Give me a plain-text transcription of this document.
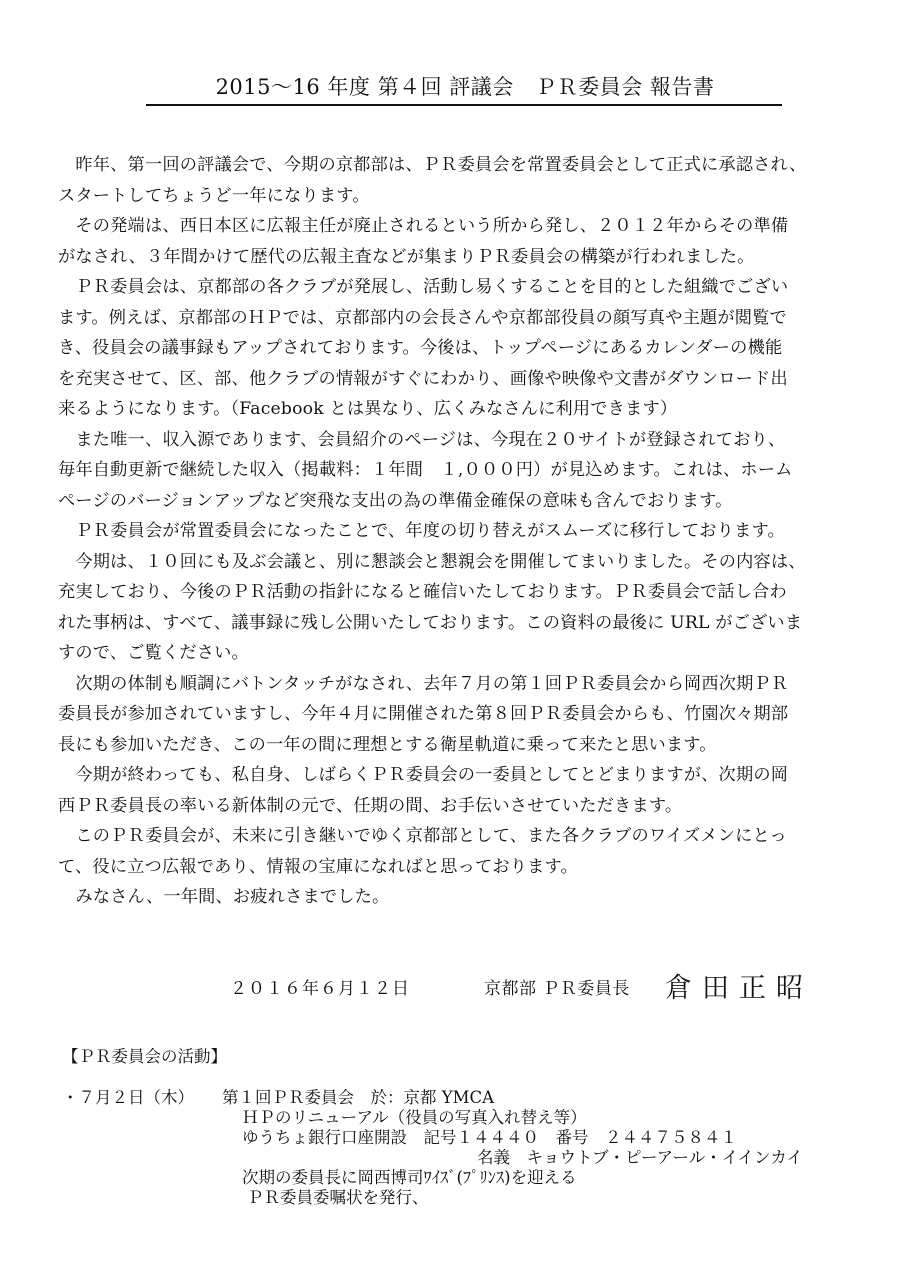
2015～16 年度 第４回 評議会　ＰＲ委員会 報告書
　昨年、第一回の評議会で、今期の京都部は、ＰＲ委員会を常置委員会として正式に承認され、
スタートしてちょうど一年になります。
　その発端は、西日本区に広報主任が廃止されるという所から発し、２０１２年からその準備
がなされ、３年間かけて歴代の広報主査などが集まりＰＲ委員会の構築が行われました。
　ＰＲ委員会は、京都部の各クラブが発展し、活動し易くすることを目的とした組織でござい
ます。例えば、京都部のＨＰでは、京都部内の会長さんや京都部役員の顔写真や主題が閲覧で
き、役員会の議事録もアップされております。今後は、トップページにあるカレンダーの機能
を充実させて、区、部、他クラブの情報がすぐにわかり、画像や映像や文書がダウンロード出
来るようになります。（Facebook とは異なり、広くみなさんに利用できます）
　また唯一、収入源であります、会員紹介のページは、今現在２０サイトが登録されており、
毎年自動更新で継続した収入（掲載料：１年間　１,０００円）が見込めます。これは、ホーム
ページのバージョンアップなど突飛な支出の為の準備金確保の意味も含んでおります。
　ＰＲ委員会が常置委員会になったことで、年度の切り替えがスムーズに移行しております。
　今期は、１０回にも及ぶ会議と、別に懇談会と懇親会を開催してまいりました。その内容は、
充実しており、今後のＰＲ活動の指針になると確信いたしております。ＰＲ委員会で話し合わ
れた事柄は、すべて、議事録に残し公開いたしております。この資料の最後に URL がございま
すので、ご覧ください。
　次期の体制も順調にバトンタッチがなされ、去年７月の第１回ＰＲ委員会から岡西次期ＰＲ
委員長が参加されていますし、今年４月に開催された第８回ＰＲ委員会からも、竹園次々期部
長にも参加いただき、この一年の間に理想とする衛星軌道に乗って来たと思います。
　今期が終わっても、私自身、しばらくＰＲ委員会の一委員としてとどまりますが、次期の岡
西ＰＲ委員長の率いる新体制の元で、任期の間、お手伝いさせていただきます。
　このＰＲ委員会が、未来に引き継いでゆく京都部として、また各クラブのワイズメンにとっ
て、役に立つ広報であり、情報の宝庫になればと思っております。
　みなさん、一年間、お疲れさまでした。
２０１６年６月１２日	京都部 ＰＲ委員長 倉田正昭
【ＰＲ委員会の活動】
・７月２日（木） 第１回ＰＲ委員会　於：京都 YMCA
ＨＰのリニューアル（役員の写真入れ替え等）
ゆうちょ銀行口座開設　記号１４４４０　番号　２４４７５８４１
名義　キョウトブ・ピーアール・イインカイ
次期の委員長に岡西博司ﾜｲｽﾞ(ﾌﾟﾘﾝｽ)を迎える
ＰＲ委員委嘱状を発行、
